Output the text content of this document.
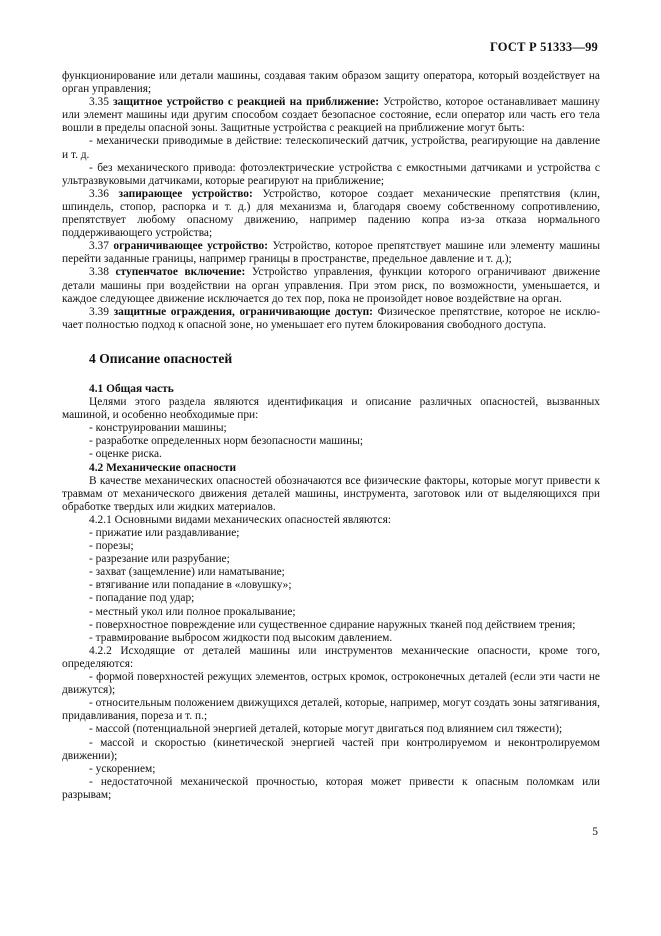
ГОСТ Р 51333—99

функционирование или детали машины, создавая таким образом защиту оператора, который воздействует на орган управления;

3.35 защитное устройство с реакцией на приближение: Устройство, которое останавливает машину или элемент машины иди другим способом создает безопасное состояние, если оператор или часть его тела вошли в пределы опасной зоны. Защитные устройства с реакцией на приближение могут быть:

- механически приводимые в действие: телескопический датчик, устройства, реагирующие на давление и т. д.

- без механического привода: фотоэлектрические устройства с емкостными датчиками и устройства с ультразвуковыми датчиками, которые реагируют на приближение;

3.36 запирающее устройство: Устройство, которое создает механические препятствия (клин, шпиндель, стопор, распорка и т. д.) для механизма и, благодаря своему собственному сопротивлению, препятствует любому опасному движению, например падению копра из-за отказа нормального поддерживающего устройства;

3.37 ограничивающее устройство: Устройство, которое препятствует машине или элементу машины перейти заданные границы, например границы в пространстве, предельное давление и т. д.);

3.38 ступенчатое включение: Устройство управления, функции которого ограничивают движение детали машины при воздействии на орган управления. При этом риск, по возможности, уменьшается, и каждое следующее движение исключается до тех пор, пока не произойдет новое воздействие на орган.

3.39 защитные ограждения, ограничивающие доступ: Физическое препятствие, которое не исключает полностью подход к опасной зоне, но уменьшает его путем блокирования свободного доступа.

4 Описание опасностей

4.1 Общая часть

Целями этого раздела являются идентификация и описание различных опасностей, вызванных машиной, и особенно необходимые при:

- конструировании машины;

- разработке определенных норм безопасности машины;

- оценке риска.

4.2 Механические опасности

В качестве механических опасностей обозначаются все физические факторы, которые могут привести к травмам от механического движения деталей машины, инструмента, заготовок или от выделяющихся при обработке твердых или жидких материалов.

4.2.1 Основными видами механических опасностей являются:

- прижатие или раздавливание;

- порезы;

- разрезание или разрубание;

- захват (защемление) или наматывание;

- втягивание или попадание в «ловушку»;

- попадание под удар;

- местный укол или полное прокалывание;

- поверхностное повреждение или существенное сдирание наружных тканей под действием трения;

- травмирование выбросом жидкости под высоким давлением.

4.2.2 Исходящие от деталей машины или инструментов механические опасности, кроме того, определяются:

- формой поверхностей режущих элементов, острых кромок, остроконечных деталей (если эти части не движутся);

- относительным положением движущихся деталей, которые, например, могут создать зоны затягивания, придавливания, пореза и т. п.;

- массой (потенциальной энергией деталей, которые могут двигаться под влиянием сил тяжести);

- массой и скоростью (кинетической энергией частей при контролируемом и неконтролируемом движении);

- ускорением;

- недостаточной механической прочностью, которая может привести к опасным поломкам или разрывам;

5
